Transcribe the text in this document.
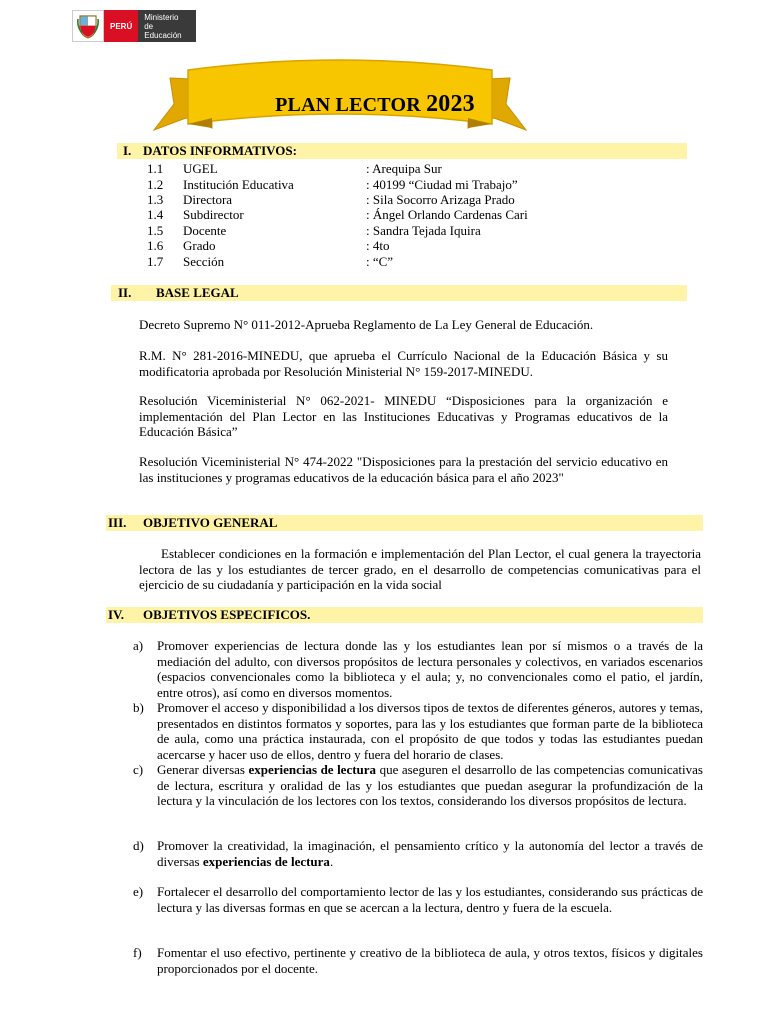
PERÚ
Ministerio
de Educación
PLAN LECTOR 2023
I. DATOS INFORMATIVOS:
1.1 UGEL	: Arequipa Sur
1.2 Institución Educativa	: 40199 “Ciudad mi Trabajo”
1.3 Directora	: Sila Socorro Arizaga Prado
1.4 Subdirector	: Ángel Orlando Cardenas Cari
1.5 Docente	: Sandra Tejada Iquira
1.6 Grado	: 4to
1.7 Sección	: “C”
II. BASE LEGAL
Decreto Supremo N° 011-2012-Aprueba Reglamento de La Ley General de Educación.
R.M. N° 281-2016-MINEDU, que aprueba el Currículo Nacional de la Educación Básica y su modificatoria aprobada por Resolución Ministerial N° 159-2017-MINEDU.
Resolución Viceministerial N° 062-2021- MINEDU “Disposiciones para la organización e implementación del Plan Lector en las Instituciones Educativas y Programas educativos de la Educación Básica”
Resolución Viceministerial N° 474-2022 "Disposiciones para la prestación del servicio educativo en las instituciones y programas educativos de la educación básica para el año 2023"
III. OBJETIVO GENERAL
Establecer condiciones en la formación e implementación del Plan Lector, el cual genera la trayectoria lectora de las y los estudiantes de tercer grado, en el desarrollo de competencias comunicativas para el ejercicio de su ciudadanía y participación en la vida social
IV. OBJETIVOS ESPECIFICOS.
a) Promover experiencias de lectura donde las y los estudiantes lean por sí mismos o a través de la mediación del adulto, con diversos propósitos de lectura personales y colectivos, en variados escenarios (espacios convencionales como la biblioteca y el aula; y, no convencionales como el patio, el jardín, entre otros), así como en diversos momentos.
b) Promover el acceso y disponibilidad a los diversos tipos de textos de diferentes géneros, autores y temas, presentados en distintos formatos y soportes, para las y los estudiantes que forman parte de la biblioteca de aula, como una práctica instaurada, con el propósito de que todos y todas las estudiantes puedan acercarse y hacer uso de ellos, dentro y fuera del horario de clases.
c) Generar diversas experiencias de lectura que aseguren el desarrollo de las competencias comunicativas de lectura, escritura y oralidad de las y los estudiantes que puedan asegurar la profundización de la lectura y la vinculación de los lectores con los textos, considerando los diversos propósitos de lectura.
d) Promover la creatividad, la imaginación, el pensamiento crítico y la autonomía del lector a través de diversas experiencias de lectura.
e) Fortalecer el desarrollo del comportamiento lector de las y los estudiantes, considerando sus prácticas de lectura y las diversas formas en que se acercan a la lectura, dentro y fuera de la escuela.
f) Fomentar el uso efectivo, pertinente y creativo de la biblioteca de aula, y otros textos, físicos y digitales proporcionados por el docente.
